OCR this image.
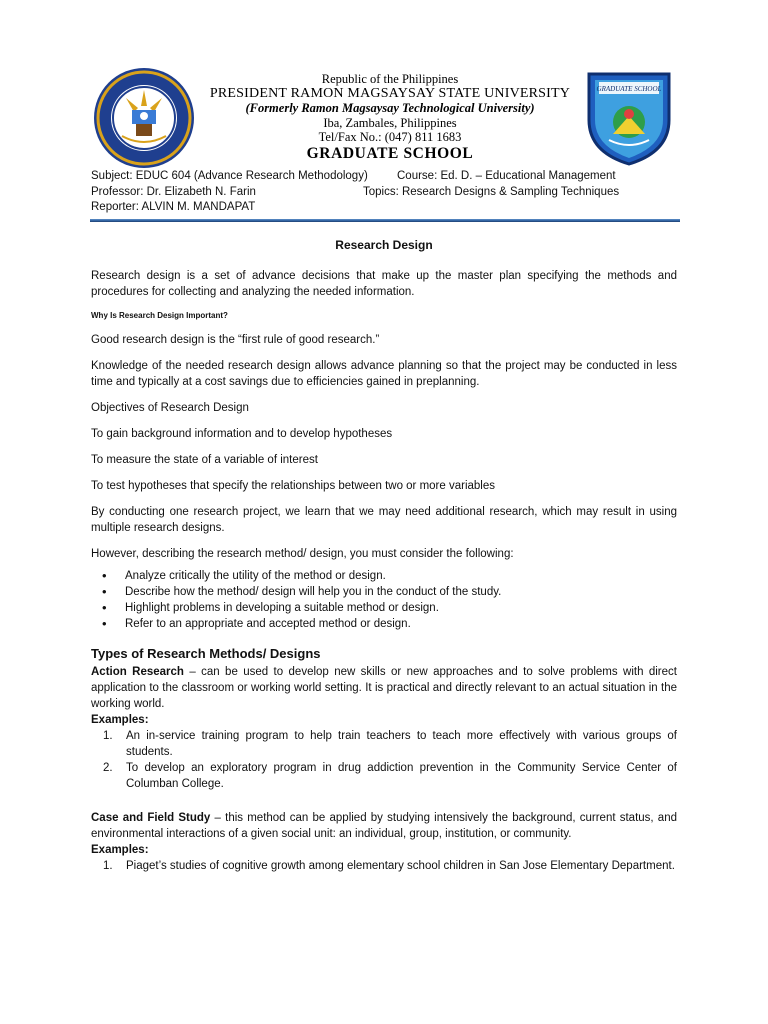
Republic of the Philippines
PRESIDENT RAMON MAGSAYSAY STATE UNIVERSITY
(Formerly Ramon Magsaysay Technological University)
Iba, Zambales, Philippines
Tel/Fax No.: (047) 811 1683
GRADUATE SCHOOL
GRADUATE SCHOOL
Subject: EDUC 604 (Advance Research Methodology)	Course: Ed. D. – Educational Management
Professor: Dr. Elizabeth N. Farin	Topics: Research Designs & Sampling Techniques
Reporter: ALVIN M. MANDAPAT
Research Design

Research design is a set of advance decisions that make up the master plan specifying the methods and procedures for collecting and analyzing the needed information.

Why Is Research Design Important?

Good research design is the “first rule of good research.”

Knowledge of the needed research design allows advance planning so that the project may be conducted in less time and typically at a cost savings due to efficiencies gained in preplanning.

Objectives of Research Design

To gain background information and to develop hypotheses

To measure the state of a variable of interest

To test hypotheses that specify the relationships between two or more variables

By conducting one research project, we learn that we may need additional research, which may result in using multiple research designs.

However, describing the research method/ design, you must consider the following:

• Analyze critically the utility of the method or design.
• Describe how the method/ design will help you in the conduct of the study.
• Highlight problems in developing a suitable method or design.
• Refer to an appropriate and accepted method or design.
Types of Research Methods/ Designs

Action Research – can be used to develop new skills or new approaches and to solve problems with direct application to the classroom or working world setting. It is practical and directly relevant to an actual situation in the working world.

Examples:
1. An in-service training program to help train teachers to teach more effectively with various groups of students.
2. To develop an exploratory program in drug addiction prevention in the Community Service Center of Columban College.

Case and Field Study – this method can be applied by studying intensively the background, current status, and environmental interactions of a given social unit: an individual, group, institution, or community.

Examples:
1. Piaget’s studies of cognitive growth among elementary school children in San Jose Elementary Department.
